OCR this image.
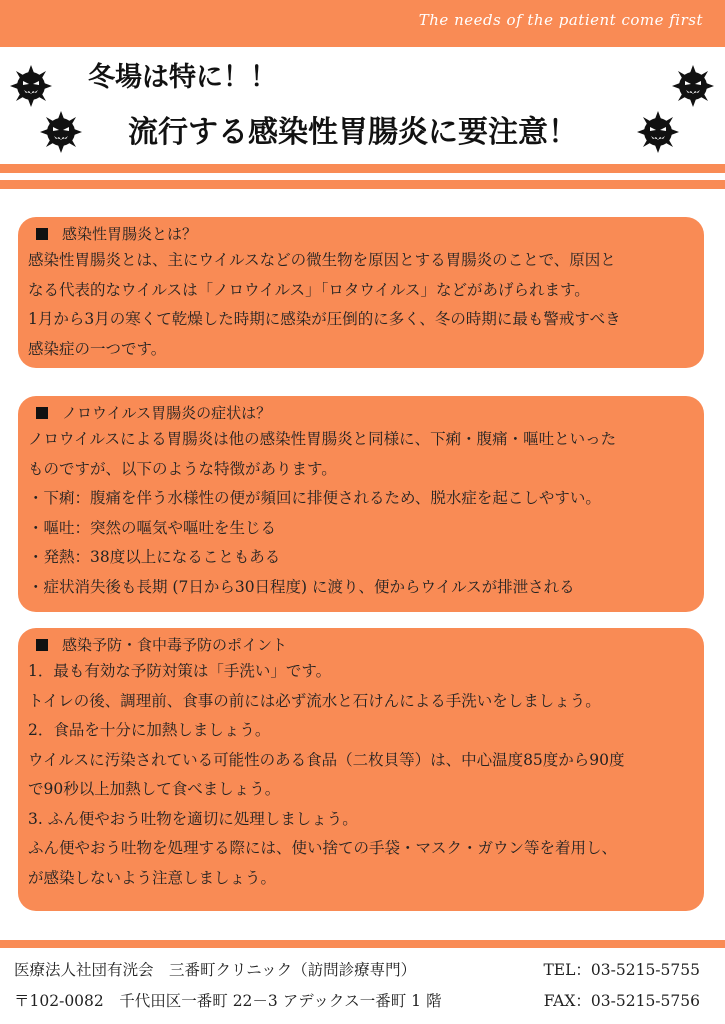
The needs of the patient come first
冬場は特に！！
流行する感染性胃腸炎に要注意！
感染性胃腸炎とは？
感染性胃腸炎とは、主にウイルスなどの微生物を原因とする胃腸炎のことで、原因と
なる代表的なウイルスは「ノロウイルス」「ロタウイルス」などがあげられます。
1月から3月の寒くて乾燥した時期に感染が圧倒的に多く、冬の時期に最も警戒すべき
感染症の一つです。
ノロウイルス胃腸炎の症状は？
ノロウイルスによる胃腸炎は他の感染性胃腸炎と同様に、下痢・腹痛・嘔吐といった
ものですが、以下のような特徴があります。
・下痢：腹痛を伴う水様性の便が頻回に排便されるため、脱水症を起こしやすい。
・嘔吐：突然の嘔気や嘔吐を生じる
・発熱：38度以上になることもある
・症状消失後も長期 (7日から30日程度) に渡り、便からウイルスが排泄される
感染予防・食中毒予防のポイント
1．最も有効な予防対策は「手洗い」です。
トイレの後、調理前、食事の前には必ず流水と石けんによる手洗いをしましょう。
2．食品を十分に加熱しましょう。
ウイルスに汚染されている可能性のある食品（二枚貝等）は、中心温度85度から90度
で90秒以上加熱して食べましょう。
3. ふん便やおう吐物を適切に処理しましょう。
ふん便やおう吐物を処理する際には、使い捨ての手袋・マスク・ガウン等を着用し、
が感染しないよう注意しましょう。
医療法人社団有洸会　三番町クリニック（訪問診療専門）	TEL：03-5215-5755
〒102-0082　千代田区一番町 22－3 アデックス一番町 1 階	FAX：03-5215-5756
